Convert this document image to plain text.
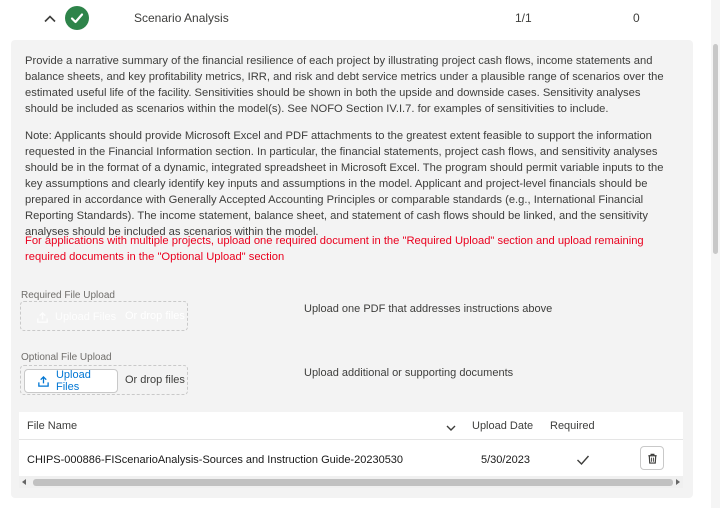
Scenario Analysis	1/1	0

Provide a narrative summary of the financial resilience of each project by illustrating project cash flows, income statements and balance sheets, and key profitability metrics, IRR, and risk and debt service metrics under a plausible range of scenarios over the estimated useful life of the facility. Sensitivities should be shown in both the upside and downside cases. Sensitivity analyses should be included as scenarios within the model(s). See NOFO Section IV.I.7. for examples of sensitivities to include.

Note: Applicants should provide Microsoft Excel and PDF attachments to the greatest extent feasible to support the information requested in the Financial Information section. In particular, the financial statements, project cash flows, and sensitivity analyses should be in the format of a dynamic, integrated spreadsheet in Microsoft Excel. The program should permit variable inputs to the key assumptions and clearly identify key inputs and assumptions in the model. Applicant and project-level financials should be prepared in accordance with Generally Accepted Accounting Principles or comparable standards (e.g., International Financial Reporting Standards). The income statement, balance sheet, and statement of cash flows should be linked, and the sensitivity analyses should be included as scenarios within the model.

For applications with multiple projects, upload one required document in the "Required Upload" section and upload remaining required documents in the "Optional Upload" section

Required File Upload
Upload Files Or drop files
Upload one PDF that addresses instructions above
Optional File Upload
Upload Files
Or drop files
Upload additional or supporting documents
File Name	Upload Date Required
CHIPS-000886-FIScenarioAnalysis-Sources and Instruction Guide-20230530	5/30/2023
